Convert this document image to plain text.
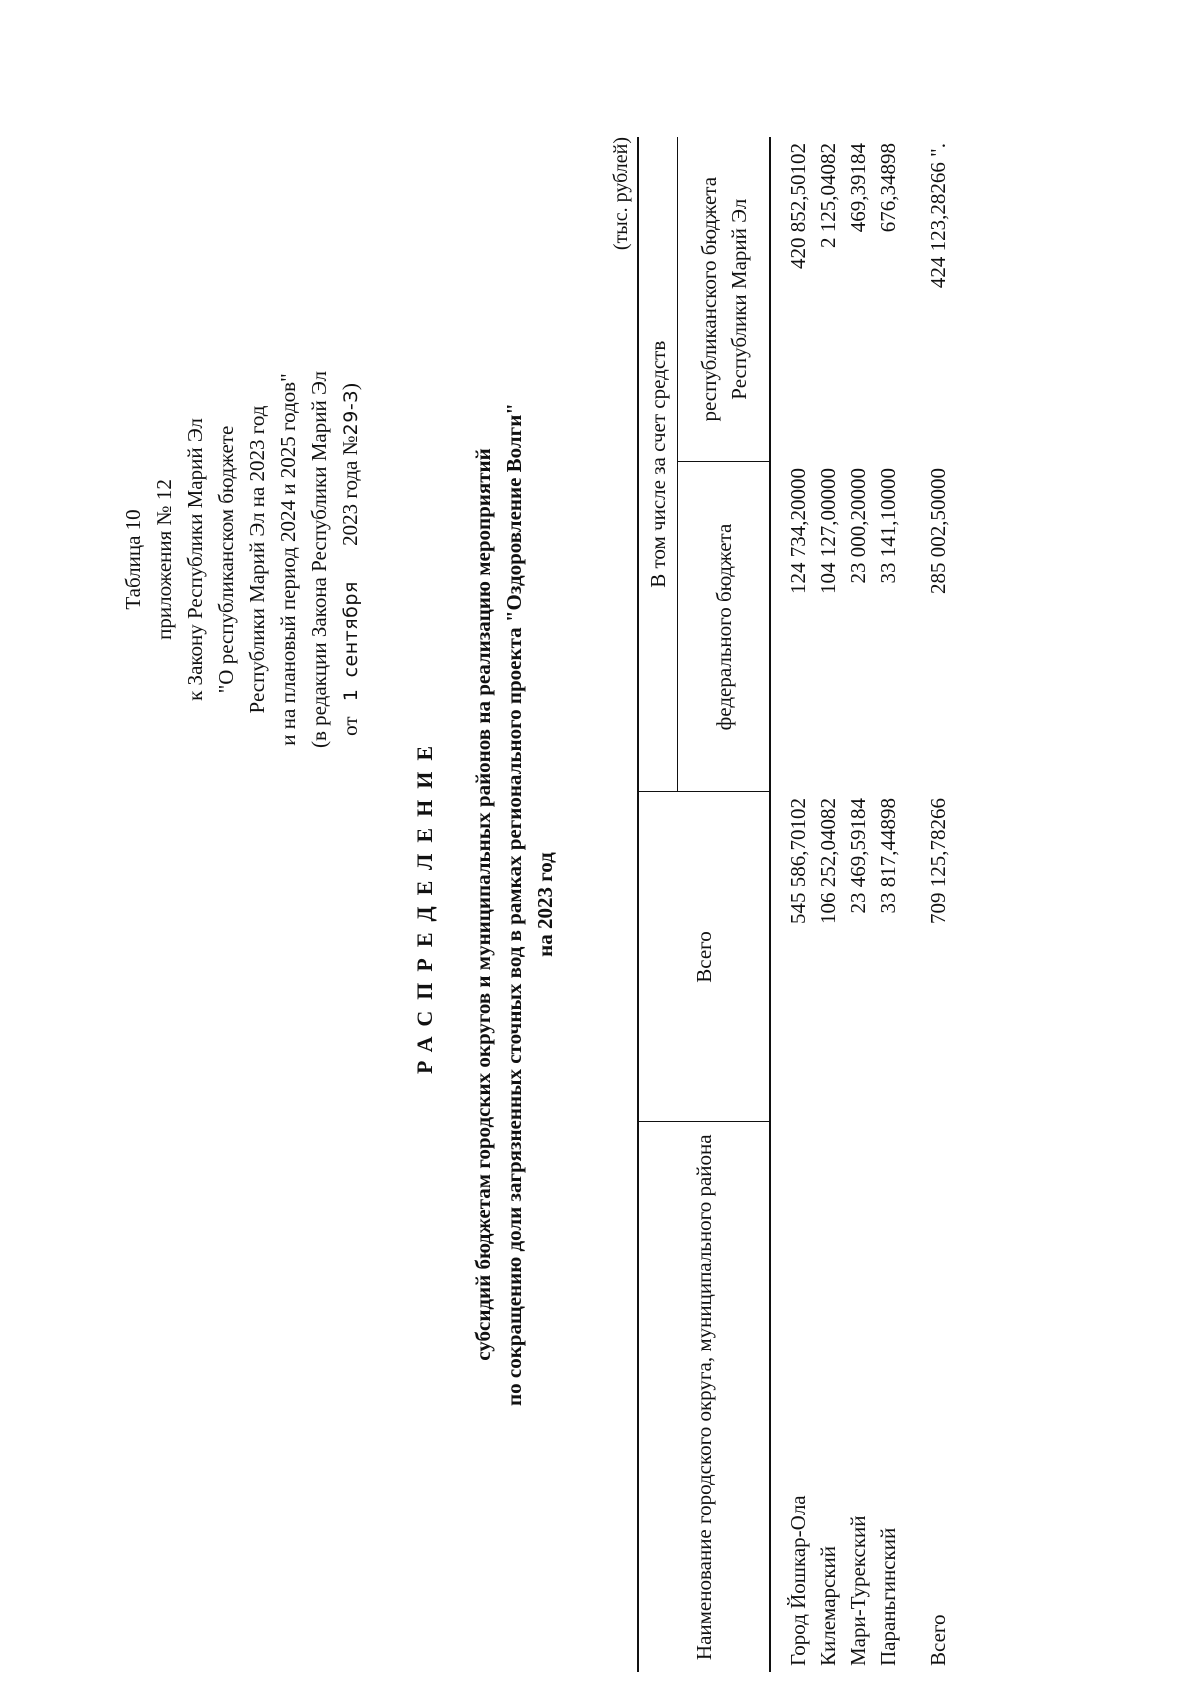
Таблица 10 приложения № 12 к Закону Республики Марий Эл "О республиканском бюджете Республики Марий Эл на 2023 год и на плановый период 2024 и 2025 годов" (в редакции Закона Республики Марий Эл от 1 сентября 2023 года №29-З)
РАСПРЕДЕЛЕНИЕ субсидий бюджетам городских округов и муниципальных районов на реализацию мероприятий по сокращению доли загрязненных сточных вод в рамках регионального проекта "Оздоровление Волги" на 2023 год
(тыс. рублей)
Наименование городского округа, муниципального района	Всего	В том числе за счет средств	
		федерального бюджета	республиканского бюджета Республики Марий Эл
Город Йошкар-Ола	545 586,70102	124 734,20000	420 852,50102
Килемарский	106 252,04082	104 127,00000	2 125,04082
Мари-Турекский	23 469,59184	23 000,20000	469,39184
Параньгинский	33 817,44898	33 141,10000	676,34898
Всего	709 125,78266	285 002,50000	424 123,28266 ".
